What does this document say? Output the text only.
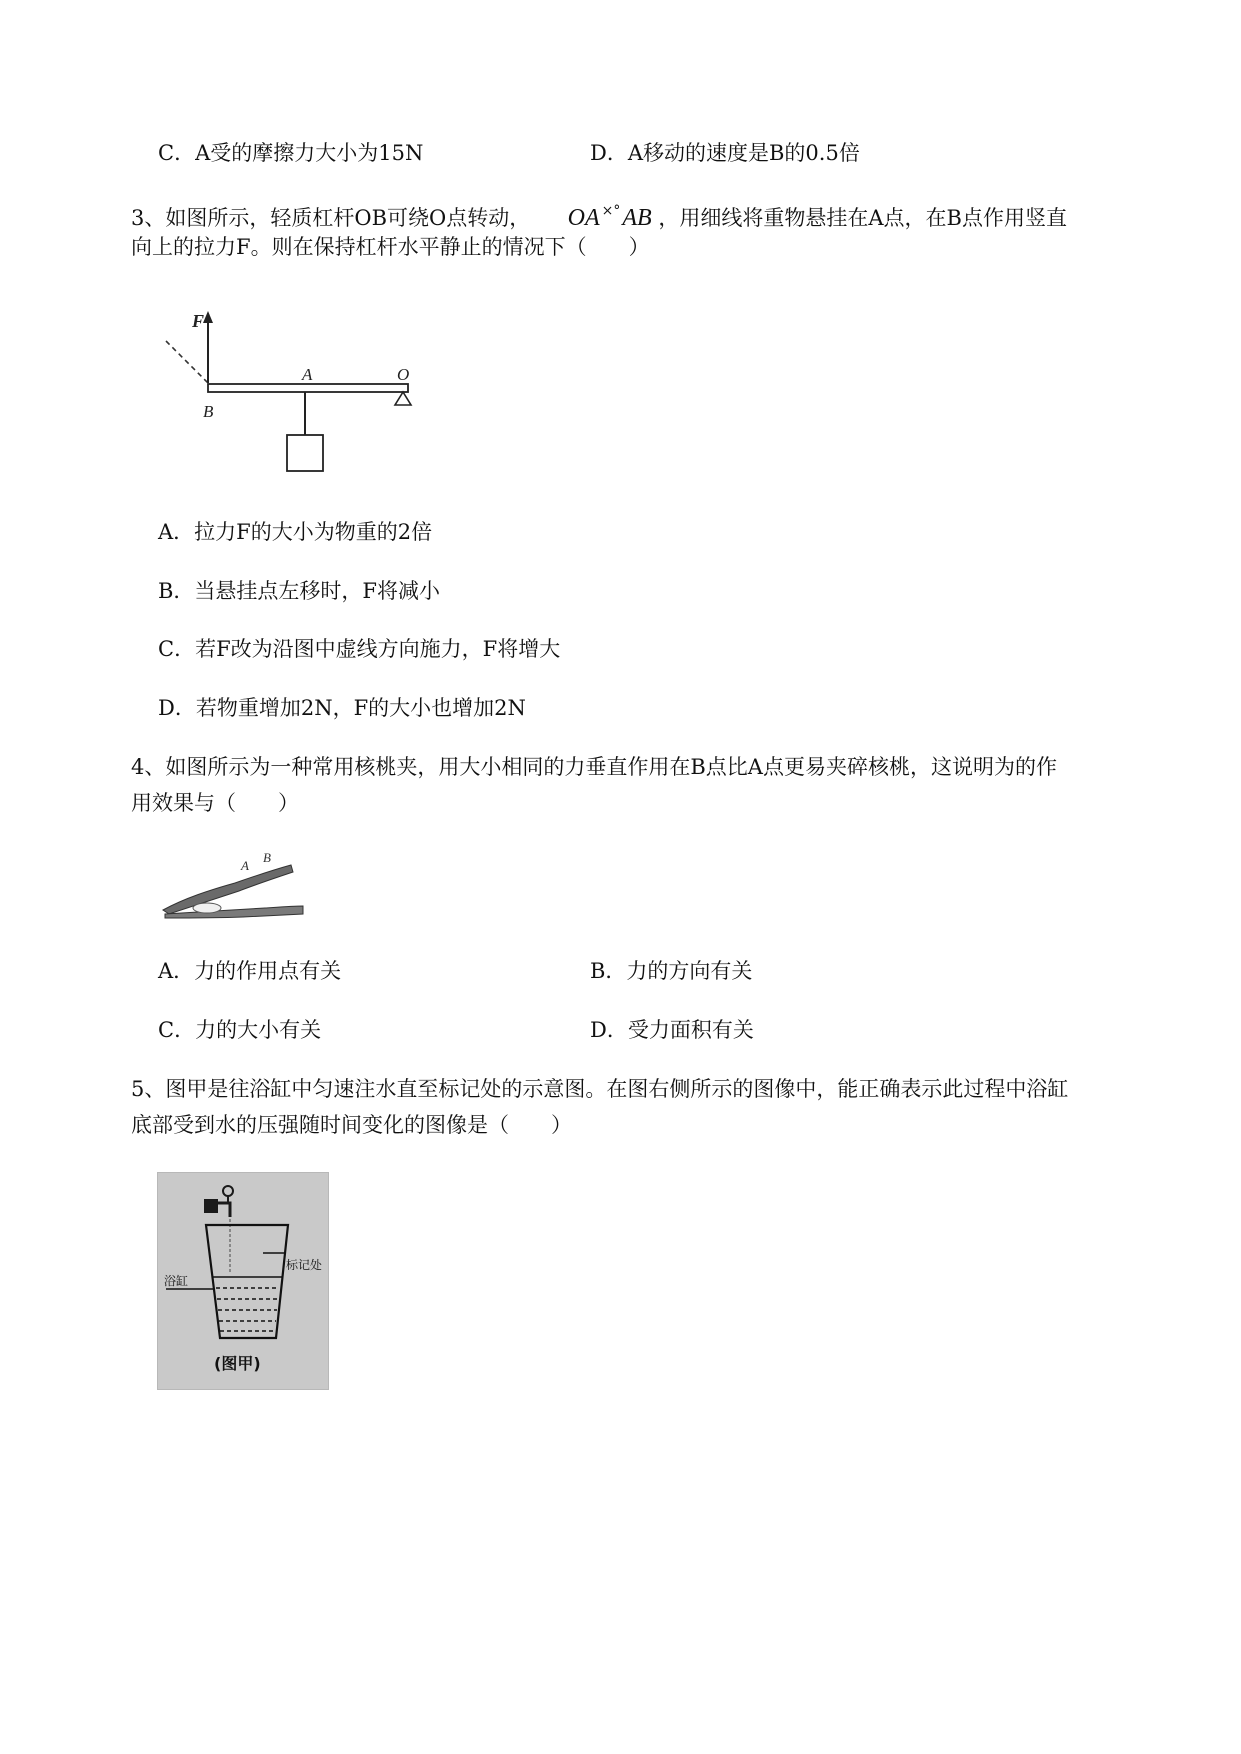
C．A受的摩擦力大小为15N	D．A移动的速度是B的0.5倍
3、如图所示，轻质杠杆OB可绕O点转动， OA ×°AB ，用细线将重物悬挂在A点，在B点作用竖直
向上的拉力F。则在保持杠杆水平静止的情况下（　　）
F
A	O
B
A．拉力F的大小为物重的2倍
B．当悬挂点左移时，F将减小
C．若F改为沿图中虚线方向施力，F将增大
D．若物重增加2N，F的大小也增加2N
4、如图所示为一种常用核桃夹，用大小相同的力垂直作用在B点比A点更易夹碎核桃，这说明为的作
用效果与（　　）
A
B
A．力的作用点有关	B．力的方向有关
C．力的大小有关	D．受力面积有关
5、图甲是往浴缸中匀速注水直至标记处的示意图。在图右侧所示的图像中，能正确表示此过程中浴缸
底部受到水的压强随时间变化的图像是（　　）
标记处
浴缸
(图甲)
